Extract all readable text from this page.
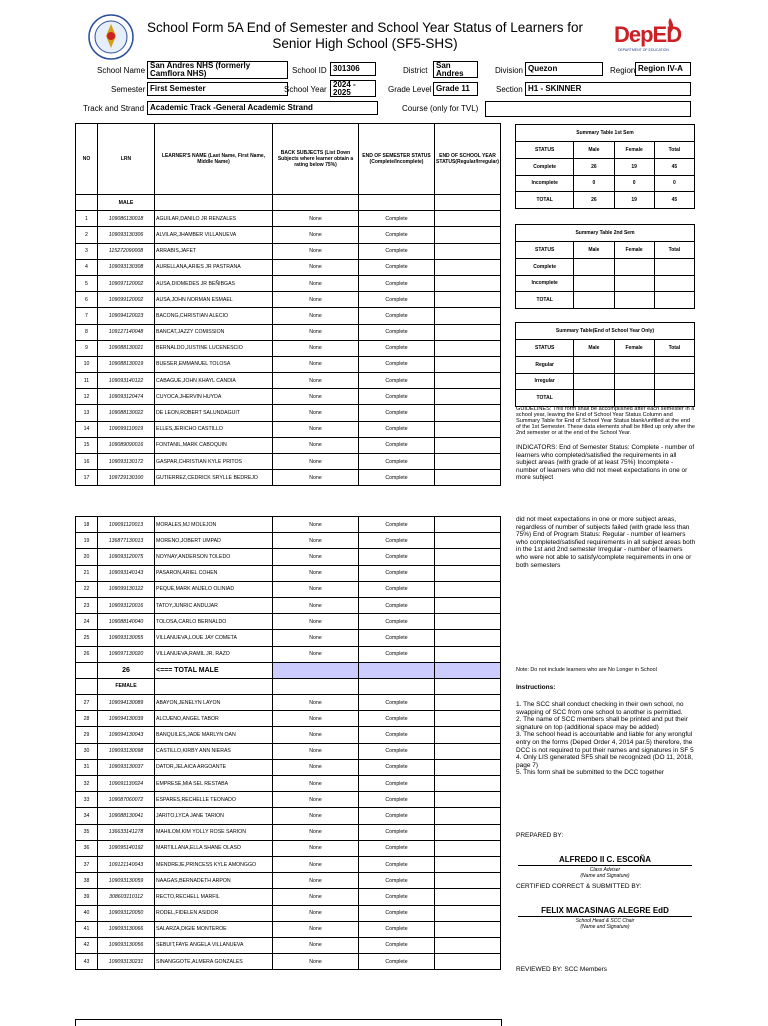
School Form 5A End of Semester and School Year Status of Learners for
Senior High School (SF5-SHS)	DepED
DEPARTMENT OF EDUCATION
School Name
San Andres NHS (formerly Camflora NHS)	School ID 301306	District
San Andres	Division Quezon	Region Region IV-A
Semester First Semester	School Year
2024 - 2025	Grade Level Grade 11	Section H1 - SKINNER
Track and Strand Academic Track -General Academic Strand	Course (only for TVL)
NO	LRN	LEARNER'S NAME (Last Name, First Name, Middle Name)	BACK SUBJECTS (List Down Subjects where learner obtain a rating below 75%)	END OF SEMESTER STATUS (Complete/Incomplete)	END OF SCHOOL YEAR STATUS(Regular/Irregular)
	MALE				
1	109086130018	AGUILAR,DANILO JR RENZALES	None	Complete	
2	109093130306	ALVILAR,JHAMBER VILLANUEVA	None	Complete	
3	115272090008	ARRABIS,JAFET	None	Complete	
4	109093130308	AURELLANA,ARIES JR PASTRANA	None	Complete	
5	109097120002	AUSA,DIOMEDES JR BEÑIBGAS	None	Complete	
6	109099120002	AUSA,JOHN NORMAN ESMAEL	None	Complete	
7	109094120023	BACONG,CHRISTIAN ALECIO	None	Complete	
8	109127140048	BANCAT,JAZZY COMISSION	None	Complete	
9	109088130021	BERNALDO,JUSTINE LUCENESCIO	None	Complete	
10	109088130019	BUESER,EMMANUEL TOLOSA	None	Complete	
11	109093140122	CABAGUE,JOHN KHAYL CANDIA	None	Complete	
12	109093120474	CUYOCA,JHERVIN HUYDA	None	Complete	
13	109088130022	DE LEON,ROBERT SALUNDAGUIT	None	Complete	
14	109099110019	ELLES,JERICHO CASTILLO	None	Complete	
15	109089090016	FONTANIL,MARK CABOQUIN	None	Complete	
16	109093130172	GASPAR,CHRISTIAN KYLE PRITOS	None	Complete	
17	109729130100	GUTIERREZ,CEDRICK SRYLLE BEDREJO	None	Complete	
18	109091120013	MORALES,MJ MOLEJON	None	Complete	
19	136877130013	MORENO,JOBERT UMPAD	None	Complete	
20	109093120075	NOYNAY,ANDERSON TOLEDO	None	Complete	
21	109093140143	PASARON,ARIEL COHEN	None	Complete	
22	109099130122	PEQUE,MARK ANJELO OLINIAD	None	Complete	
23	109093120016	TATOY,JUNRIC ANDUJAR	None	Complete	
24	109088140040	TOLOSA,CARLO BERNALDO	None	Complete	
25	109093130055	VILLANUEVA,LOUE JAY COMETA	None	Complete	
26	109097130020	VILLANUEVA,RAMIL JR. RAZO	None	Complete	
	26	<=== TOTAL MALE			
	FEMALE				
27	109094130089	ABAYON,JENELYN LAYON	None	Complete	
28	109094130039	ALCUENO,ANGEL TABOR	None	Complete	
29	109094130043	BANQUILES,JADE MARLYN OAN	None	Complete	
30	109093130098	CASTILLO,KIRBY ANN NIERAS	None	Complete	
31	109093130037	DATOR,JELAICA ARGOANTE	None	Complete	
32	109091130024	EMPRESE,MIA SEL RESTABA	None	Complete	
33	109087060072	ESPARES,RECHELLE TEONADO	None	Complete	
34	109088130041	JARITO,LYCA JANE TARION	None	Complete	
35	136633141278	MAHILOM,KIM YOLLY ROSE SARION	None	Complete	
36	109095140192	MARTILLANA,ELLA SHANE OLASO	None	Complete	
37	109121140043	MENDREJE,PRINCESS KYLE AMONGGO	None	Complete	
38	109093130059	NAAGAS,BERNADETH ARPON	None	Complete	
39	308603110112	RECTO,RECHELL MARFIL	None	Complete	
40	109093120050	RODEL,FIDELEN ASIDOR	None	Complete	
41	109093130066	SALARZA,DIGIE MONTEROE	None	Complete	
42	109093130056	SEBUIT,FAYE ANGELA VILLANUEVA	None	Complete	
43	109093130231	SINANGGOTE,ALMERA GONZALES	None	Complete	
Summary Table 1st Sem			
STATUS	Male	Female	Total
Complete	26	19	45
Incomplete	0	0	0
TOTAL	26	19	45
Summary Table 2nd Sem			
STATUS	Male	Female	Total
Complete			
Incomplete			
TOTAL			
Summary Table(End of School Year Only)			
STATUS	Male	Female	Total
Regular			
Irregular			
TOTAL			
GUIDELINES: This form shall be accomplished after each semester in a school year, leaving the End of School Year Status Column and Summary Table for End of School Year Status blank/unfilled at the end of the 1st Semester. These data elements shall be filled up only after the 2nd semester or at the end of the School Year.
INDICATORS: End of Semester Status: Complete - number of learners who completed/satisfied the requirements in all subject areas (with grade of at least 75%) Incomplete - number of learners who did not meet expectations in one or more subject
did not meet expectations in one or more subject areas, regardless of number of subjects failed (with grade less than 75%) End of Program Status: Regular - number of learners who completed/satisfied requirements in all subject areas both in the 1st and 2nd semester Irregular - number of learners who were not able to satisfy/complete requirements in one or both semesters
Note: Do not include learners who are No Longer in School
Instructions:
1. The SCC shall conduct checking in their own school, no swapping of SCC from one school to another is permitted.
2. The name of SCC members shall be printed and put their signature on top (additional space may be added)
3. The school head is accountable and liable for any wrongful entry on the forms (Deped Order 4, 2014 par.5) therefore, the DCC is not required to put their names and signatures in SF 5
4. Only LIS generated SF5 shall be recognized (DO 11, 2018, page 7)
5. This form shall be submitted to the DCC together
PREPARED BY:
ALFREDO II C. ESCOÑA
Class Adviser
(Name and Signature)
CERTIFIED CORRECT & SUBMITTED BY:
FELIX MACASINAG ALEGRE EdD
School Head & SCC Chair
(Name and Signature)
REVIEWED BY: SCC Members
